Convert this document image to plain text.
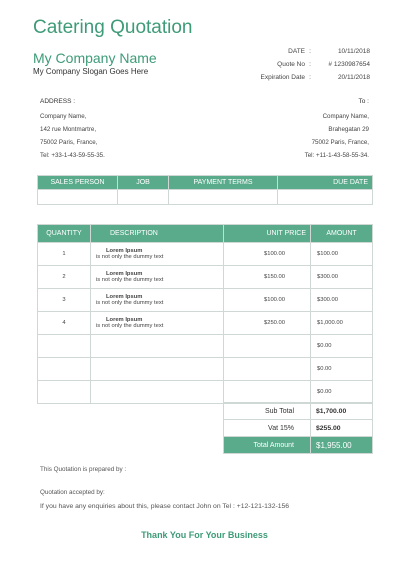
Catering Quotation
My Company Name
My Company Slogan Goes Here
DATE :	10/11/2018
Quote No :	# 1230987654
Expiration Date :	20/11/2018
ADDRESS :
Company Name,
142 rue Montmartre,
75002 Paris, France,
Tel: +33-1-43-59-55-35.
To :
Company Name,
Brahegatan 29
75002 Paris, France,
Tel: +11-1-43-58-55-34.
SALES PERSON	JOB	PAYMENT TERMS	DUE DATE

QUANTITY	DESCRIPTION	UNIT PRICE	AMOUNT
1	Lorem Ipsum
is not only the dummy text	$100.00	$100.00
2	Lorem Ipsum
is not only the dummy text	$150.00	$300.00
3	Lorem Ipsum
is not only the dummy text	$100.00	$300.00
4	Lorem Ipsum
is not only the dummy text	$250.00	$1,000.00
			$0.00
			$0.00
			$0.00
Sub Total	$1,700.00
Vat 15%	$255.00
Total Amount	$1,955.00
This Quotation is prepared by :
Quotation accepted by:
If you have any enquiries about this, please contact John on Tel : +12-121-132-156
Thank You For Your Business
